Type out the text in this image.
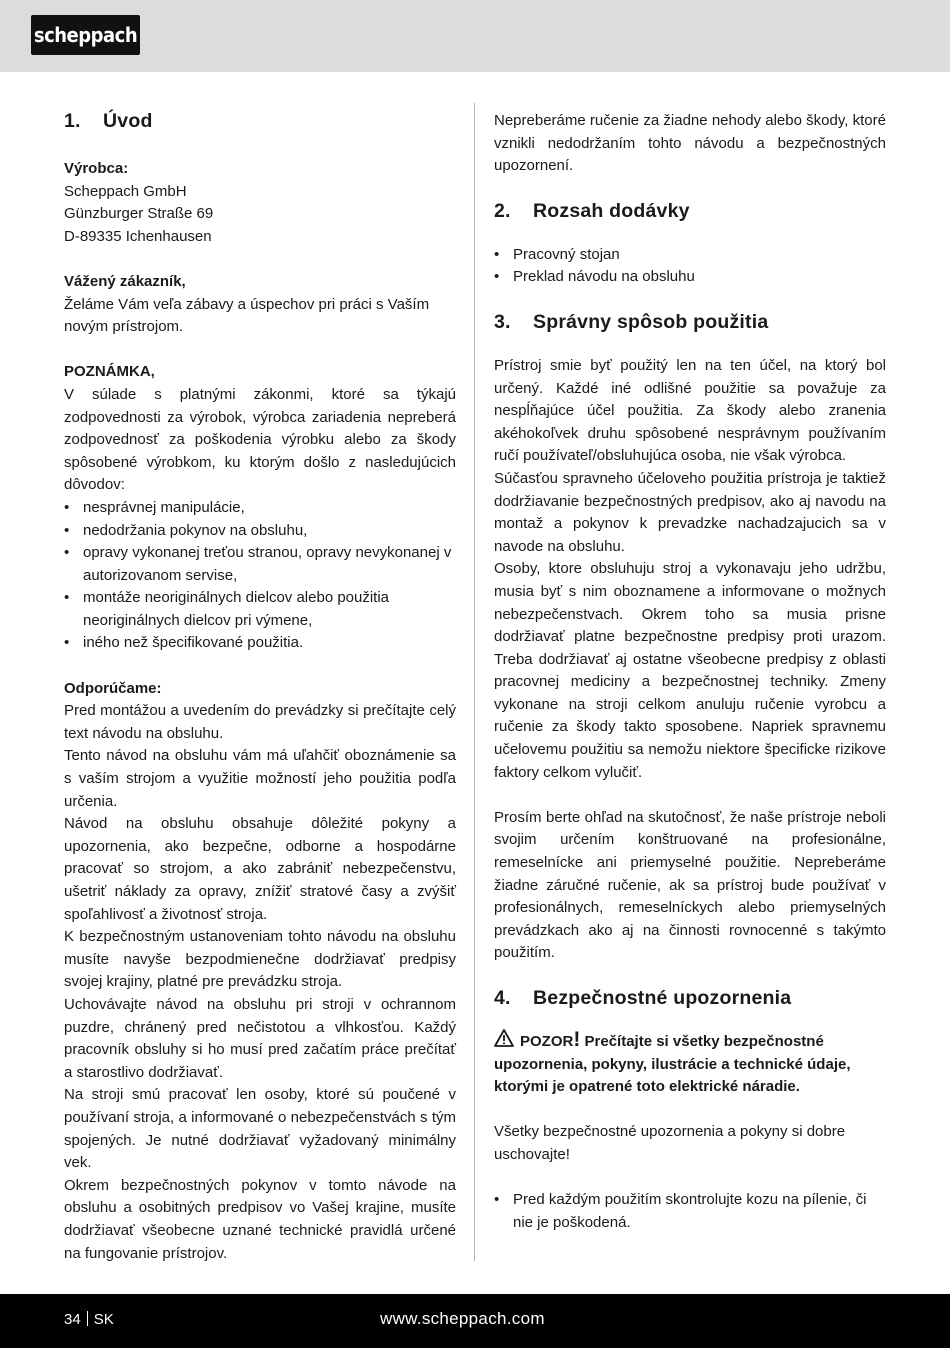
scheppach
1.	Úvod
Výrobca:
Scheppach GmbH
Günzburger Straße 69
D-89335 Ichenhausen
Vážený zákazník,
Želáme Vám veľa zábavy a úspechov pri práci s Vaším novým prístrojom.
POZNÁMKA,
V súlade s platnými zákonmi, ktoré sa týkajú zodpovednosti za výrobok, výrobca zariadenia nepreberá zodpovednosť za poškodenia výrobku alebo za škody spôsobené výrobkom, ku ktorým došlo z nasledujúcich dôvodov:
• nesprávnej manipulácie,
• nedodržania pokynov na obsluhu,
• opravy vykonanej treťou stranou, opravy nevykonanej v autorizovanom servise,
• montáže neoriginálnych dielcov alebo použitia neoriginálnych dielcov pri výmene,
• iného než špecifikované použitia.
Odporúčame:

Pred montážou a uvedením do prevádzky si prečítajte celý text návodu na obsluhu.

Tento návod na obsluhu vám má uľahčiť oboznámenie sa s vaším strojom a využitie možností jeho použitia podľa určenia.

Návod na obsluhu obsahuje dôležité pokyny a upozornenia, ako bezpečne, odborne a hospodárne pracovať so strojom, a ako zabrániť nebezpečenstvu, ušetriť náklady za opravy, znížiť stratové časy a zvýšiť spoľahlivosť a životnosť stroja.

K bezpečnostným ustanoveniam tohto návodu na obsluhu musíte navyše bezpodmienečne dodržiavať predpisy svojej krajiny, platné pre prevádzku stroja.

Uchovávajte návod na obsluhu pri stroji v ochrannom puzdre, chránený pred nečistotou a vlhkosťou. Každý pracovník obsluhy si ho musí pred začatím práce prečítať a starostlivo dodržiavať.

Na stroji smú pracovať len osoby, ktoré sú poučené v používaní stroja, a informované o nebezpečenstvách s tým spojených. Je nutné dodržiavať vyžadovaný minimálny vek.

Okrem bezpečnostných pokynov v tomto návode na obsluhu a osobitných predpisov vo Vašej krajine, musíte dodržiavať všeobecne uznané technické pravidlá určené na fungovanie prístrojov.

Nepreberáme ručenie za žiadne nehody alebo škody, ktoré vznikli nedodržaním tohto návodu a bezpečnostných upozornení.

2.	Rozsah dodávky
• Pracovný stojan
• Preklad návodu na obsluhu
3.	Správny spôsob použitia

Prístroj smie byť použitý len na ten účel, na ktorý bol určený. Každé iné odlišné použitie sa považuje za nespĺňajúce účel použitia. Za škody alebo zranenia akéhokoľvek druhu spôsobené nesprávnym používaním ručí používateľ/obsluhujúca osoba, nie však výrobca.

Súčasťou spravneho účeloveho použitia prístroja je taktiež dodržiavanie bezpečnostných predpisov, ako aj navodu na montaž a pokynov k prevadzke nachadzajucich sa v navode na obsluhu.

Osoby, ktore obsluhuju stroj a vykonavaju jeho udržbu, musia byť s nim oboznamene a informovane o možnych nebezpečenstvach. Okrem toho sa musia prisne dodržiavať platne bezpečnostne predpisy proti urazom. Treba dodržiavať aj ostatne všeobecne predpisy z oblasti pracovnej mediciny a bezpečnostnej techniky. Zmeny vykonane na stroji celkom anuluju ručenie vyrobcu a ručenie za škody takto sposobene. Napriek spravnemu učelovemu použitiu sa nemožu niektore špecificke rizikove faktory celkom vylučiť.

Prosím berte ohľad na skutočnosť, že naše prístroje neboli svojim určením konštruované na profesionálne, remeselnícke ani priemyselné použitie. Nepreberáme žiadne záručné ručenie, ak sa prístroj bude používať v profesionálnych, remeselníckych alebo priemyselných prevádzkach ako aj na činnosti rovnocenné s takýmto použitím.

4.	Bezpečnostné upozornenia

POZOR! Prečítajte si všetky bezpečnostné upozornenia, pokyny, ilustrácie a technické údaje, ktorými je opatrené toto elektrické náradie.

Všetky bezpečnostné upozornenia a pokyny si dobre uschovajte!

• Pred každým použitím skontrolujte kozu na pílenie, či nie je poškodená.
34 SK	www.scheppach.com
